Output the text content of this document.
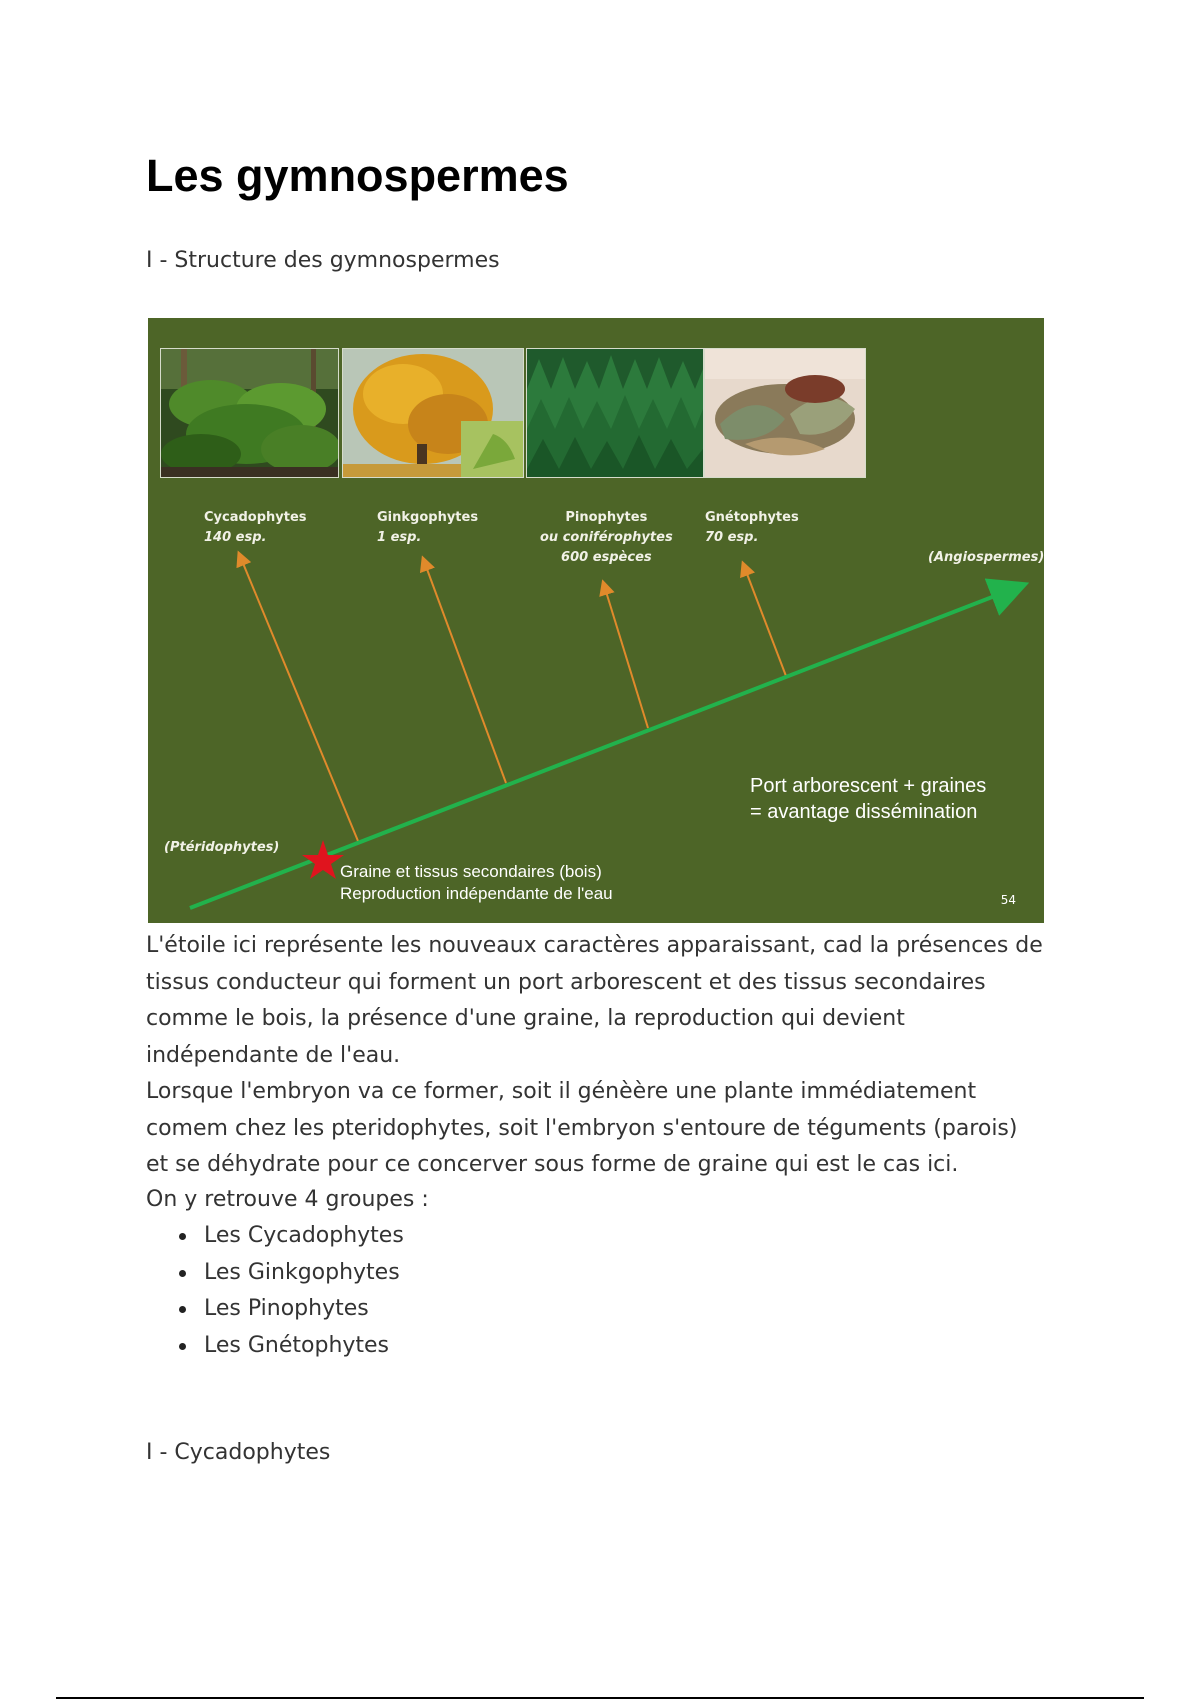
Les gymnospermes

I - Structure des gymnospermes

Cycadophytes
140 esp.
Ginkgophytes
1 esp.
Pinophytes
ou coniférophytes
600 espèces
Gnétophytes
70 esp.
(Angiospermes)
(Ptéridophytes)
Port arborescent + graines
= avantage dissémination
Graine et tissus secondaires (bois)
Reproduction indépendante de l'eau	54

L'étoile ici représente les nouveaux caractères apparaissant, cad la présences de tissus conducteur qui forment un port arborescent et des tissus secondaires comme le bois, la présence d'une graine, la reproduction qui devient indépendante de l'eau.

Lorsque l'embryon va ce former, soit il génèère une plante immédiatement comem chez les pteridophytes, soit l'embryon s'entoure de téguments (parois) et se déhydrate pour ce concerver sous forme de graine qui est le cas ici.

On y retrouve 4 groupes :

Les Cycadophytes
Les Ginkgophytes
Les Pinophytes
Les Gnétophytes

I - Cycadophytes
